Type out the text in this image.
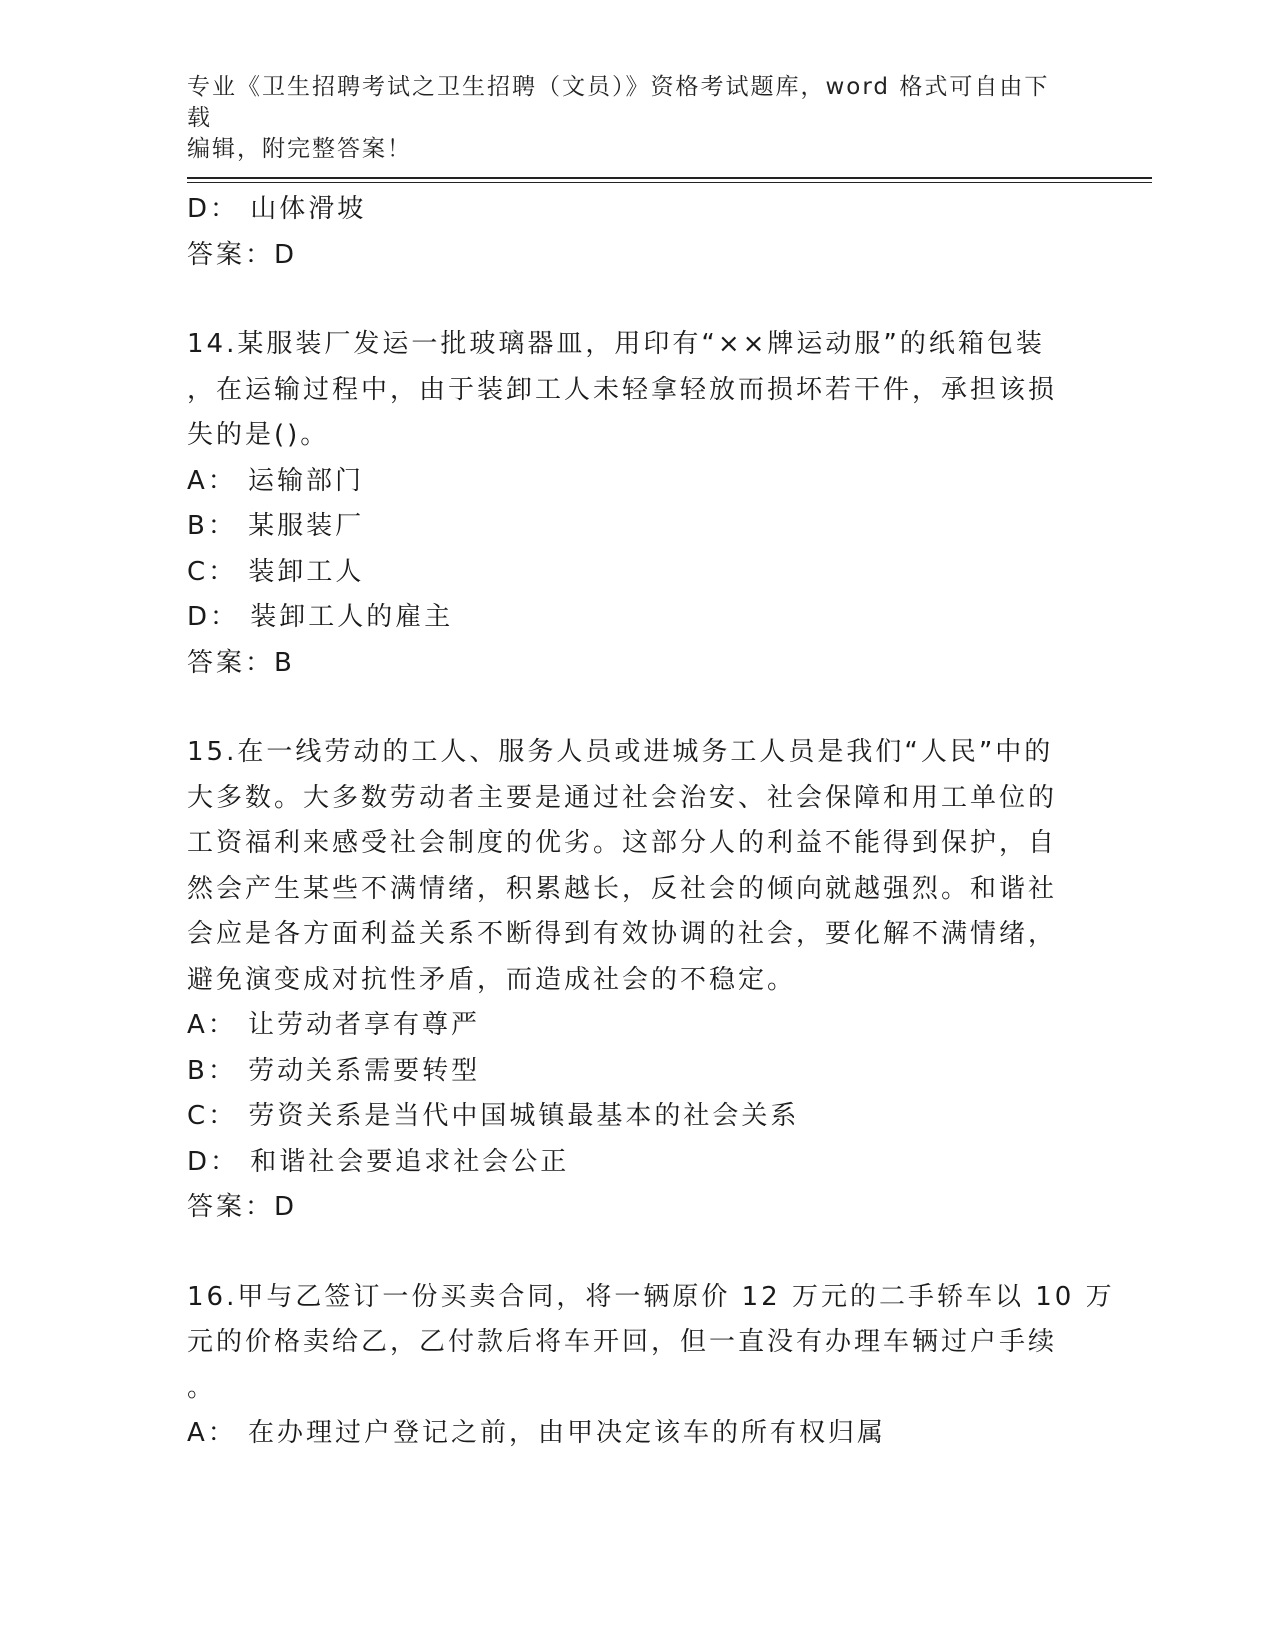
专业《卫生招聘考试之卫生招聘（文员）》资格考试题库，word 格式可自由下载
编辑，附完整答案！
D： 山体滑坡
答案：D
14.某服装厂发运一批玻璃器皿，用印有“××牌运动服”的纸箱包装
，在运输过程中，由于装卸工人未轻拿轻放而损坏若干件，承担该损
失的是()。
A： 运输部门
B： 某服装厂
C： 装卸工人
D： 装卸工人的雇主
答案：B
15.在一线劳动的工人、服务人员或进城务工人员是我们“人民”中的
大多数。大多数劳动者主要是通过社会治安、社会保障和用工单位的
工资福利来感受社会制度的优劣。这部分人的利益不能得到保护，自
然会产生某些不满情绪，积累越长，反社会的倾向就越强烈。和谐社
会应是各方面利益关系不断得到有效协调的社会，要化解不满情绪，
避免演变成对抗性矛盾，而造成社会的不稳定。
A： 让劳动者享有尊严
B： 劳动关系需要转型
C： 劳资关系是当代中国城镇最基本的社会关系
D： 和谐社会要追求社会公正
答案：D
16.甲与乙签订一份买卖合同，将一辆原价 12 万元的二手轿车以 10 万
元的价格卖给乙，乙付款后将车开回，但一直没有办理车辆过户手续
。
A： 在办理过户登记之前，由甲决定该车的所有权归属
